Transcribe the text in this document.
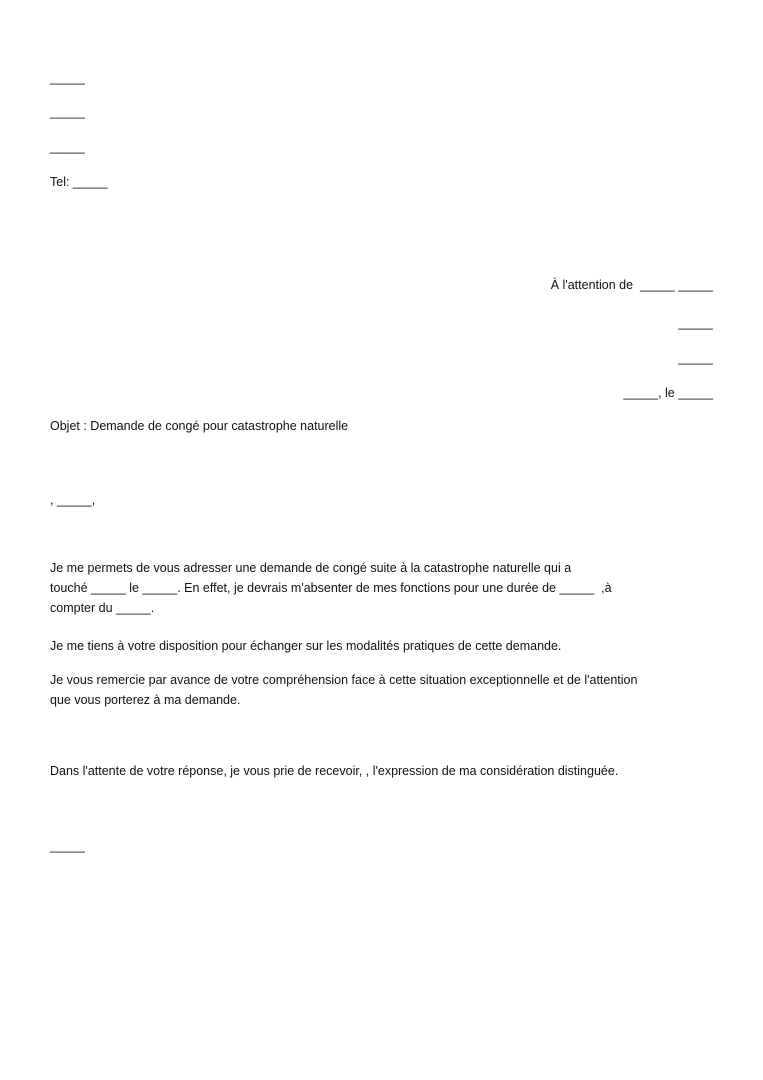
_____
_____
_____
Tel: _____
À l'attention de  _____ _____
_____
_____
_____, le _____
Objet : Demande de congé pour catastrophe naturelle
, _____,
Je me permets de vous adresser une demande de congé suite à la catastrophe naturelle qui a
touché _____ le _____. En effet, je devrais m'absenter de mes fonctions pour une durée de _____  ,à
compter du _____.
Je me tiens à votre disposition pour échanger sur les modalités pratiques de cette demande.
Je vous remercie par avance de votre compréhension face à cette situation exceptionnelle et de l'attention
que vous porterez à ma demande.
Dans l'attente de votre réponse, je vous prie de recevoir, , l'expression de ma considération distinguée.
_____
